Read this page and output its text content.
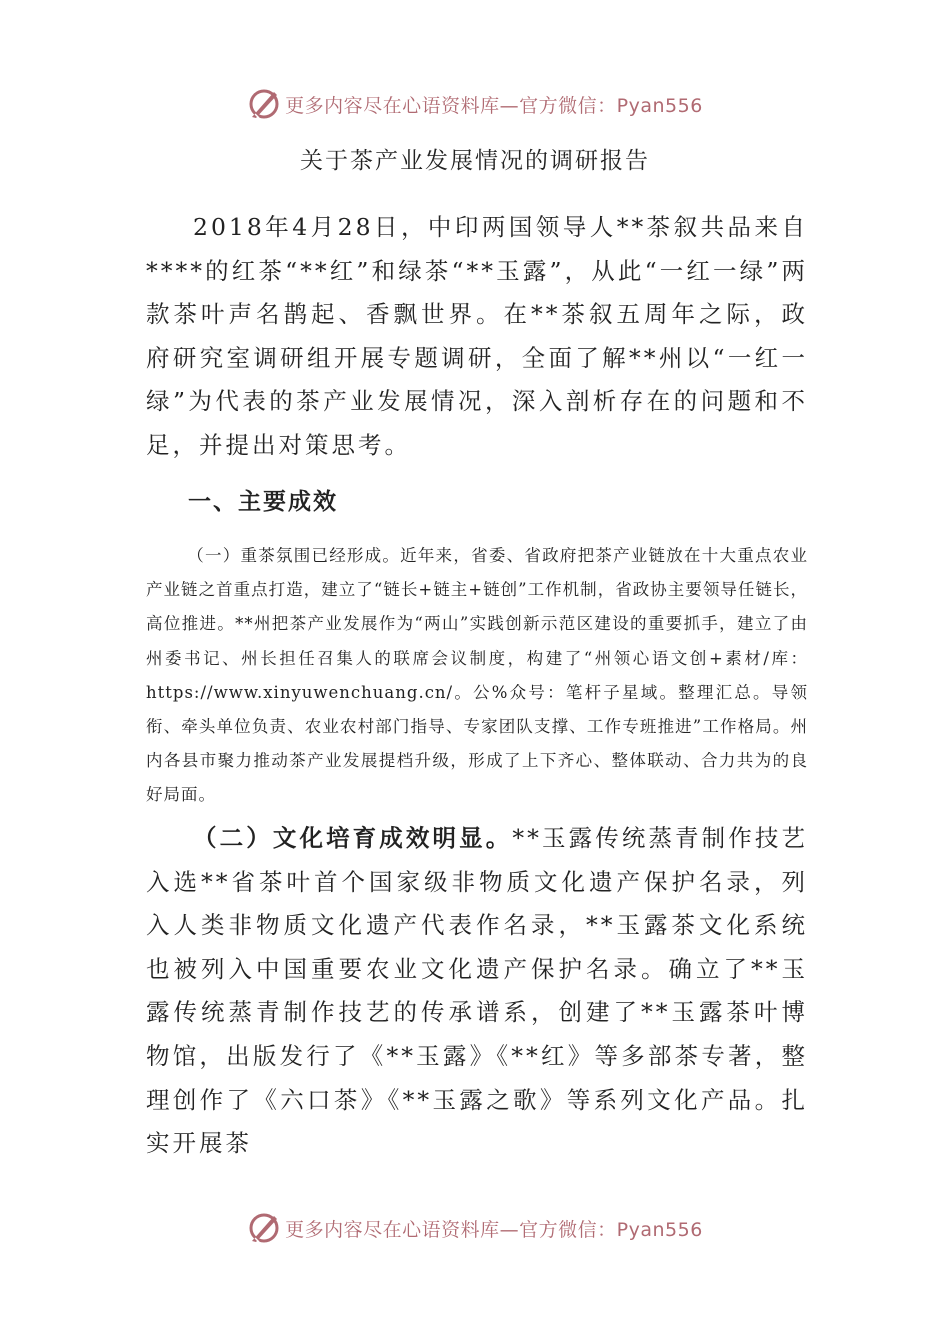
更多内容尽在心语资料库—官方微信：Pyan556
关于茶产业发展情况的调研报告

2018年4月28日，中印两国领导人**茶叙共品来自****的红茶“**红”和绿茶“**玉露”，从此“一红一绿”两款茶叶声名鹊起、香飘世界。在**茶叙五周年之际，政府研究室调研组开展专题调研，全面了解**州以“一红一绿”为代表的茶产业发展情况，深入剖析存在的问题和不足，并提出对策思考。

一、主要成效

（一）重茶氛围已经形成。近年来，省委、省政府把茶产业链放在十大重点农业产业链之首重点打造，建立了“链长+链主+链创”工作机制，省政协主要领导任链长，高位推进。**州把茶产业发展作为“两山”实践创新示范区建设的重要抓手，建立了由州委书记、州长担任召集人的联席会议制度，构建了“州领心语文创+素材/库：https://www.xinyuwenchuang.cn/。公%众号：笔杆子星域。整理汇总。导领衔、牵头单位负责、农业农村部门指导、专家团队支撑、工作专班推进”工作格局。州内各县市聚力推动茶产业发展提档升级，形成了上下齐心、整体联动、合力共为的良好局面。

（二）文化培育成效明显。**玉露传统蒸青制作技艺入选**省茶叶首个国家级非物质文化遗产保护名录，列入人类非物质文化遗产代表作名录，**玉露茶文化系统也被列入中国重要农业文化遗产保护名录。确立了**玉露传统蒸青制作技艺的传承谱系，创建了**玉露茶叶博物馆，出版发行了《**玉露》《**红》等多部茶专著，整理创作了《六口茶》《**玉露之歌》等系列文化产品。扎实开展茶

更多内容尽在心语资料库—官方微信：Pyan556
